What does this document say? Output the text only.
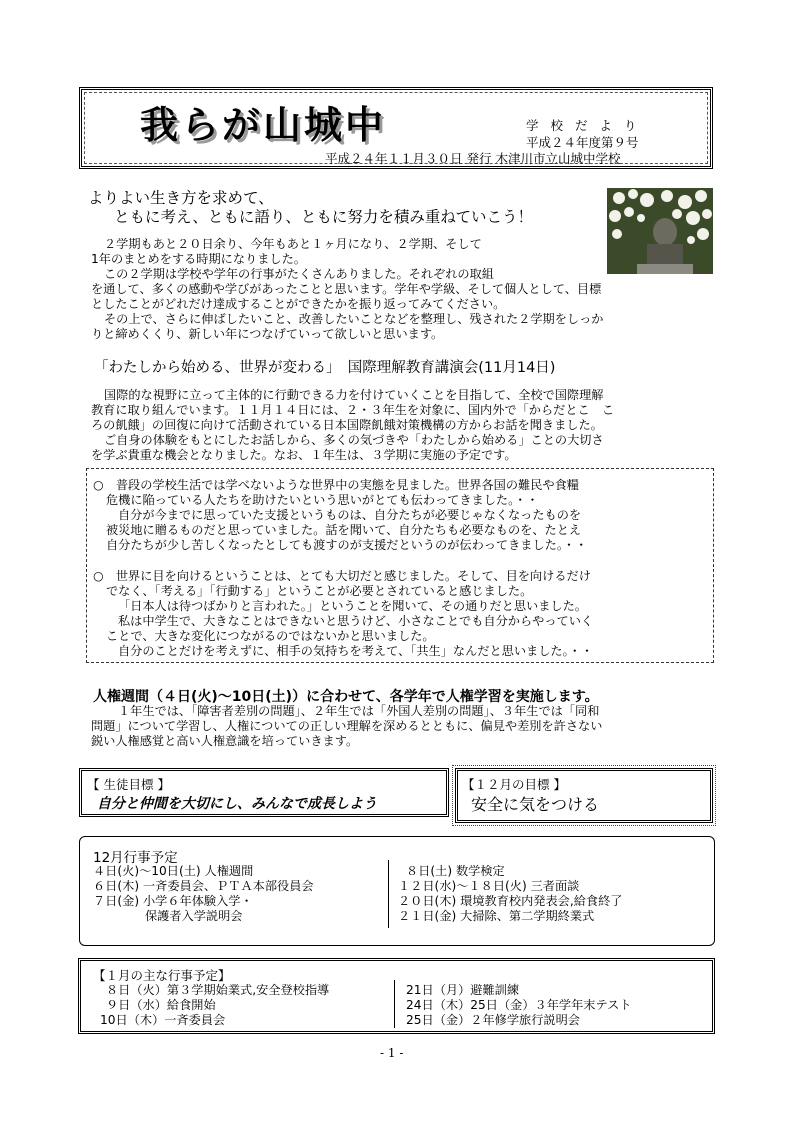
我らが山城中	学 校 だ よ り
平成２４年度第９号
平成２４年１１月３０日 発行 木津川市立山城中学校
よりよい生き方を求めて、
ともに考え、ともに語り、ともに努力を積み重ねていこう！
２学期もあと２０日余り、今年もあと１ヶ月になり、２学期、そして
1年のまとめをする時期になりました。
この２学期は学校や学年の行事がたくさんありました。それぞれの取組
を通して、多くの感動や学びがあったことと思います。学年や学級、そして個人として、目標
としたことがどれだけ達成することができたかを振り返ってみてください。
その上で、さらに伸ばしたいこと、改善したいことなどを整理し、残された２学期をしっか
りと締めくくり、新しい年につなげていって欲しいと思います。
「わたしから始める、世界が変わる」　国際理解教育講演会(11月14日)
国際的な視野に立って主体的に行動できる力を付けていくことを目指して、全校で国際理解
教育に取り組んでいます。１１月１４日には、２・３年生を対象に、国内外で「からだとこ　こ
ろの飢餓」の回復に向けて活動されている日本国際飢餓対策機構の方からお話を聞きました。
ご自身の体験をもとにしたお話しから、多くの気づきや「わたしから始める」ことの大切さ
を学ぶ貴重な機会となりました。なお、１年生は、３学期に実施の予定です。
○　普段の学校生活では学べないような世界中の実態を見ました。世界各国の難民や食糧
危機に陥っている人たちを助けたいという思いがとても伝わってきました。・・
自分が今までに思っていた支援というものは、自分たちが必要じゃなくなったものを
被災地に贈るものだと思っていました。話を聞いて、自分たちも必要なものを、たとえ
自分たちが少し苦しくなったとしても渡すのが支援だというのが伝わってきました。・・
○　世界に目を向けるということは、とても大切だと感じました。そして、目を向けるだけ
でなく、「考える」「行動する」ということが必要とされていると感じました。
「日本人は待つばかりと言われた。」ということを聞いて、その通りだと思いました。
私は中学生で、大きなことはできないと思うけど、小さなことでも自分からやっていく
ことで、大きな変化につながるのではないかと思いました。
自分のことだけを考えずに、相手の気持ちを考えて、「共生」なんだと思いました。・・
人権週間（４日(火)～10日(土)）に合わせて、各学年で人権学習を実施します。
１年生では、「障害者差別の問題」、２年生では「外国人差別の問題」、３年生では「同和
問題」について学習し、人権についての正しい理解を深めるとともに、偏見や差別を許さない
鋭い人権感覚と高い人権意識を培っていきます。
【 生徒目標 】
自分と仲間を大切にし、みんなで成長しよう
【１２月の目標 】
安全に気をつける
12月行事予定
４日(火)～10日(土) 人権週間
６日(木) 一斉委員会、ＰＴＡ本部役員会
７日(金) 小学６年体験入学・
保護者入学説明会
８日(土) 数学検定
１２日(水)～１８日(火) 三者面談
２０日(木) 環境教育校内発表会,給食終了
２１日(金) 大掃除、第二学期終業式
【１月の主な行事予定】
８日（火）第３学期始業式,安全登校指導
９日（水）給食開始
10日（木）一斉委員会
21日（月）避難訓練
24日（木）25日（金）３年学年末テスト
25日（金）２年修学旅行説明会
- 1 -
